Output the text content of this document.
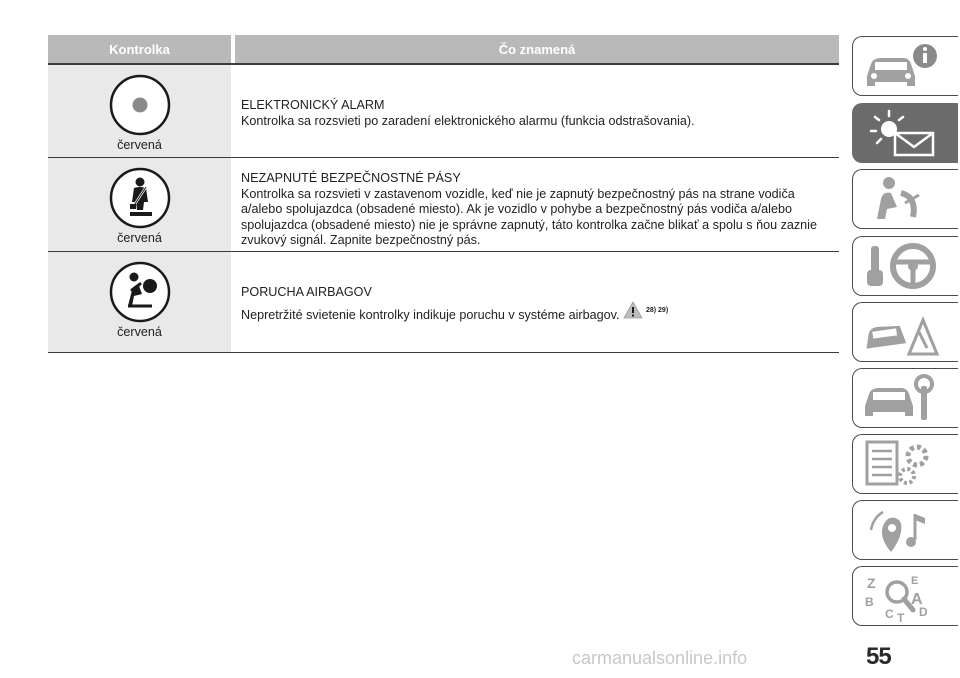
Kontrolka	Čo znamená
červená

ELEKTRONICKÝ ALARM

Kontrolka sa rozsvieti po zaradení elektronického alarmu (funkcia odstrašovania).

červená

NEZAPNUTÉ BEZPEČNOSTNÉ PÁSY

Kontrolka sa rozsvieti v zastavenom vozidle, keď nie je zapnutý bezpečnostný pás na strane vodiča a/alebo spolujazdca (obsadené miesto). Ak je vozidlo v pohybe a bezpečnostný pás vodiča a/alebo spolujazdca (obsadené miesto) nie je správne zapnutý, táto kontrolka začne blikať a spolu s ňou zaznie zvukový signál. Zapnite bezpečnostný pás.

červená

PORUCHA AIRBAGOV

Nepretržité svietenie kontrolky indikuje poruchu v systéme airbagov.	28) 29)

Z
B
E
A
D
C T
55
carmanualsonline.info
